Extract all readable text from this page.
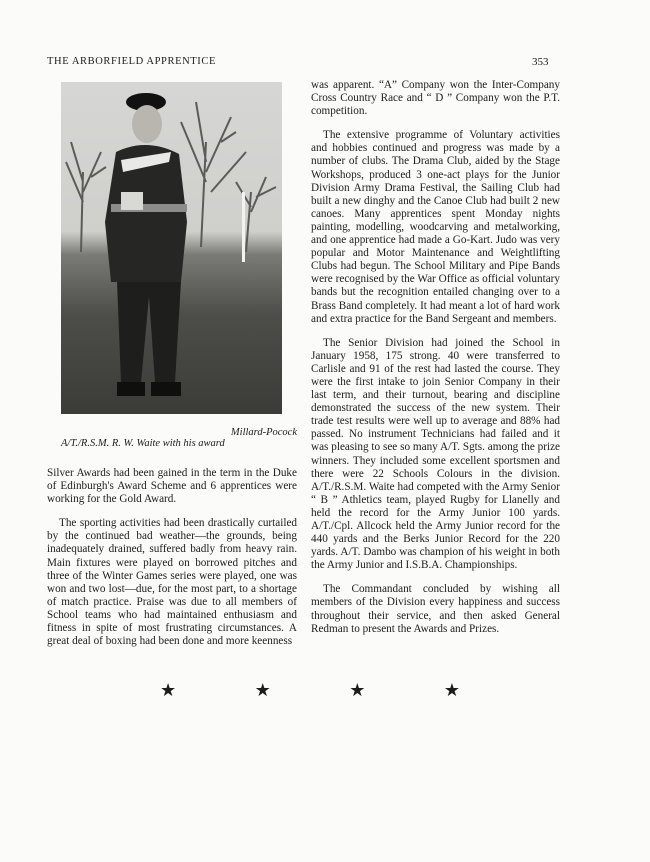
THE ARBORFIELD APPRENTICE	353

Millard-Pocock

A/T./R.S.M. R. W. Waite with his award

Silver Awards had been gained in the term in the Duke of Edinburgh's Award Scheme and 6 apprentices were working for the Gold Award.

The sporting activities had been drastically curtailed by the continued bad weather—the grounds, being inadequately drained, suffered badly from heavy rain. Main fixtures were played on borrowed pitches and three of the Winter Games series were played, one was won and two lost—due, for the most part, to a shortage of match practice. Praise was due to all members of School teams who had maintained enthusiasm and fitness in spite of most frustrating circumstances. A great deal of boxing had been done and more keenness

was apparent. “A” Company won the Inter-Company Cross Country Race and “ D ” Company won the P.T. competition.

The extensive programme of Voluntary activities and hobbies continued and progress was made by a number of clubs. The Drama Club, aided by the Stage Workshops, produced 3 one-act plays for the Junior Division Army Drama Festival, the Sailing Club had built a new dinghy and the Canoe Club had built 2 new canoes. Many apprentices spent Monday nights painting, modelling, woodcarving and metalworking, and one apprentice had made a Go-Kart. Judo was very popular and Motor Maintenance and Weightlifting Clubs had begun. The School Military and Pipe Bands were recognised by the War Office as official voluntary bands but the recognition entailed changing over to a Brass Band completely. It had meant a lot of hard work and extra practice for the Band Sergeant and members.

The Senior Division had joined the School in January 1958, 175 strong. 40 were transferred to Carlisle and 91 of the rest had lasted the course. They were the first intake to join Senior Company in their last term, and their turnout, bearing and discipline demonstrated the success of the new system. Their trade test results were well up to average and 88% had passed. No instrument Technicians had failed and it was pleasing to see so many A/T. Sgts. among the prize winners. They included some excellent sportsmen and there were 22 Schools Colours in the division. A/T./R.S.M. Waite had competed with the Army Senior “ B ” Athletics team, played Rugby for Llanelly and held the record for the Army Junior 100 yards. A/T./Cpl. Allcock held the Army Junior record for the 440 yards and the Berks Junior Record for the 220 yards. A/T. Dambo was champion of his weight in both the Army Junior and I.S.B.A. Championships.

The Commandant concluded by wishing all members of the Division every happiness and success throughout their service, and then asked General Redman to present the Awards and Prizes.

★	★	★	★
